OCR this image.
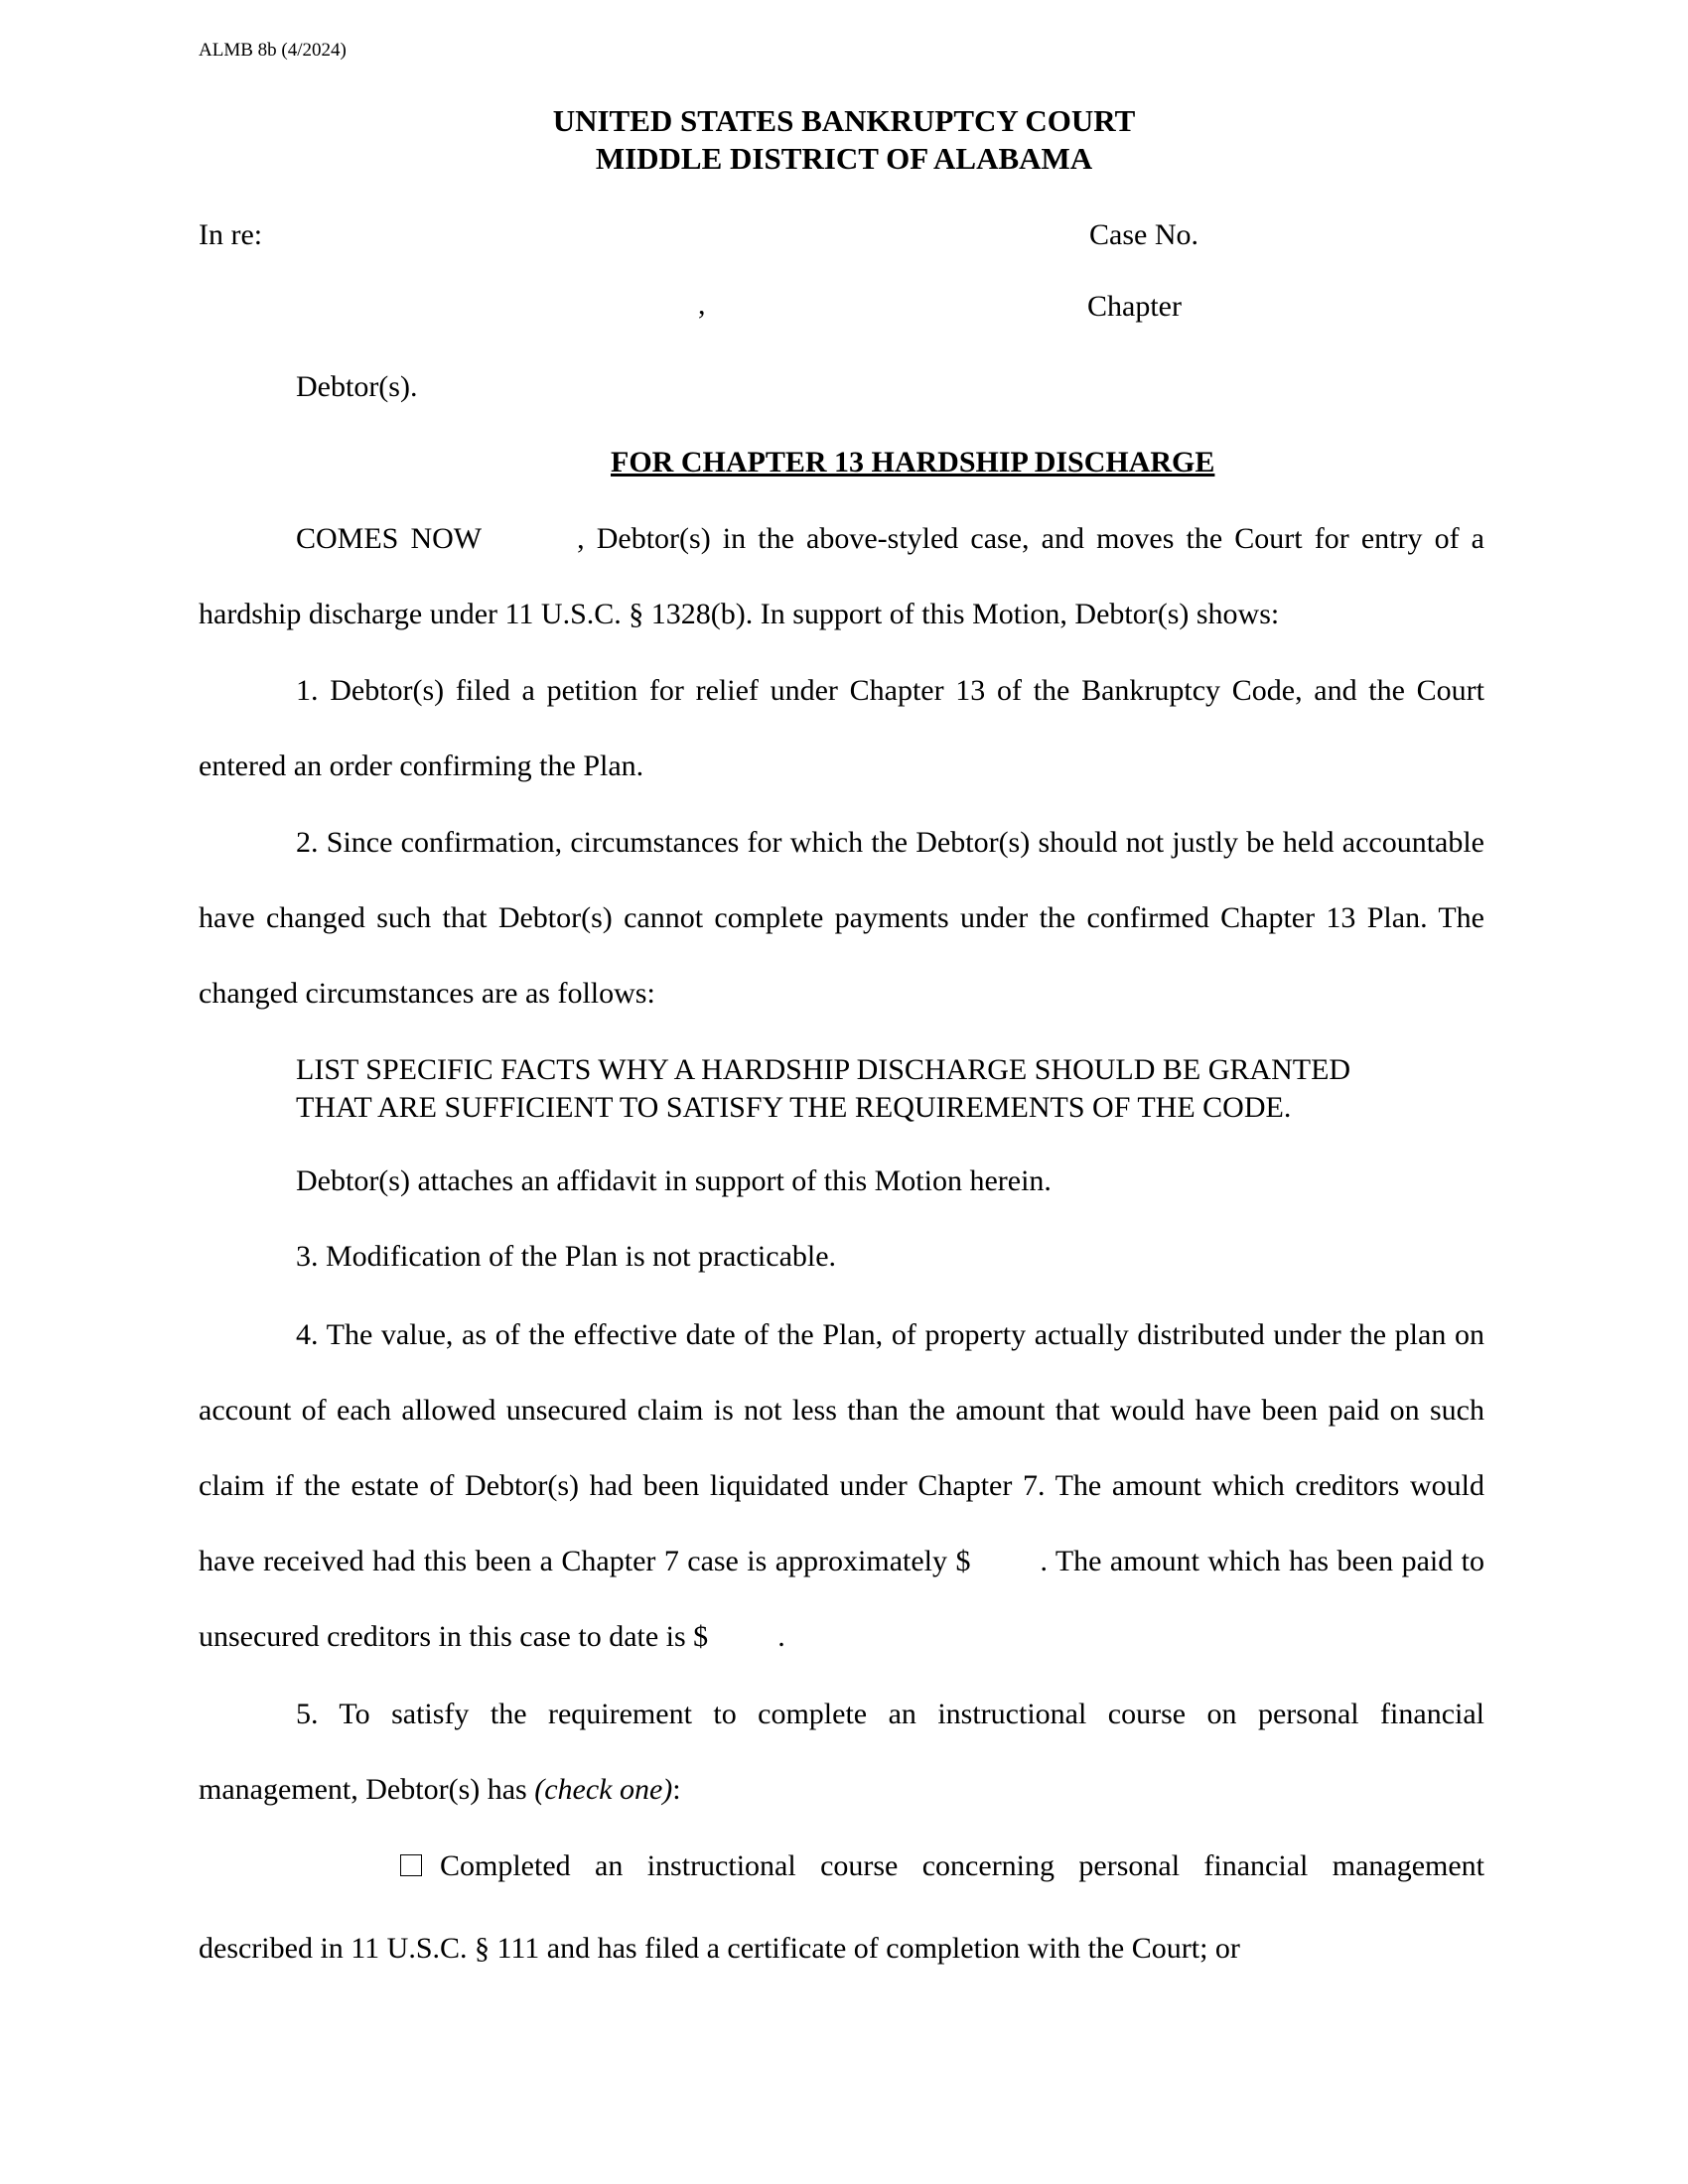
ALMB 8b (4/2024)
UNITED STATES BANKRUPTCY COURT
MIDDLE DISTRICT OF ALABAMA
In re:	Case No.
,	Chapter
Debtor(s).
FOR CHAPTER 13 HARDSHIP DISCHARGE
COMES NOW	, Debtor(s) in the above-styled case, and moves the Court for entry of a hardship discharge under 11 U.S.C. § 1328(b). In support of this Motion, Debtor(s) shows:
1. Debtor(s) filed a petition for relief under Chapter 13 of the Bankruptcy Code, and the Court entered an order confirming the Plan.
2. Since confirmation, circumstances for which the Debtor(s) should not justly be held accountable have changed such that Debtor(s) cannot complete payments under the confirmed Chapter 13 Plan. The changed circumstances are as follows:
LIST SPECIFIC FACTS WHY A HARDSHIP DISCHARGE SHOULD BE GRANTED
THAT ARE SUFFICIENT TO SATISFY THE REQUIREMENTS OF THE CODE.
Debtor(s) attaches an affidavit in support of this Motion herein.
3. Modification of the Plan is not practicable.
4. The value, as of the effective date of the Plan, of property actually distributed under the plan on account of each allowed unsecured claim is not less than the amount that would have been paid on such claim if the estate of Debtor(s) had been liquidated under Chapter 7. The amount which creditors would have received had this been a Chapter 7 case is approximately $ . The amount which has been paid to unsecured creditors in this case to date is $ .
5. To satisfy the requirement to complete an instructional course on personal financial management, Debtor(s) has (check one):
Completed an instructional course concerning personal financial management
described in 11 U.S.C. § 111 and has filed a certificate of completion with the Court; or
